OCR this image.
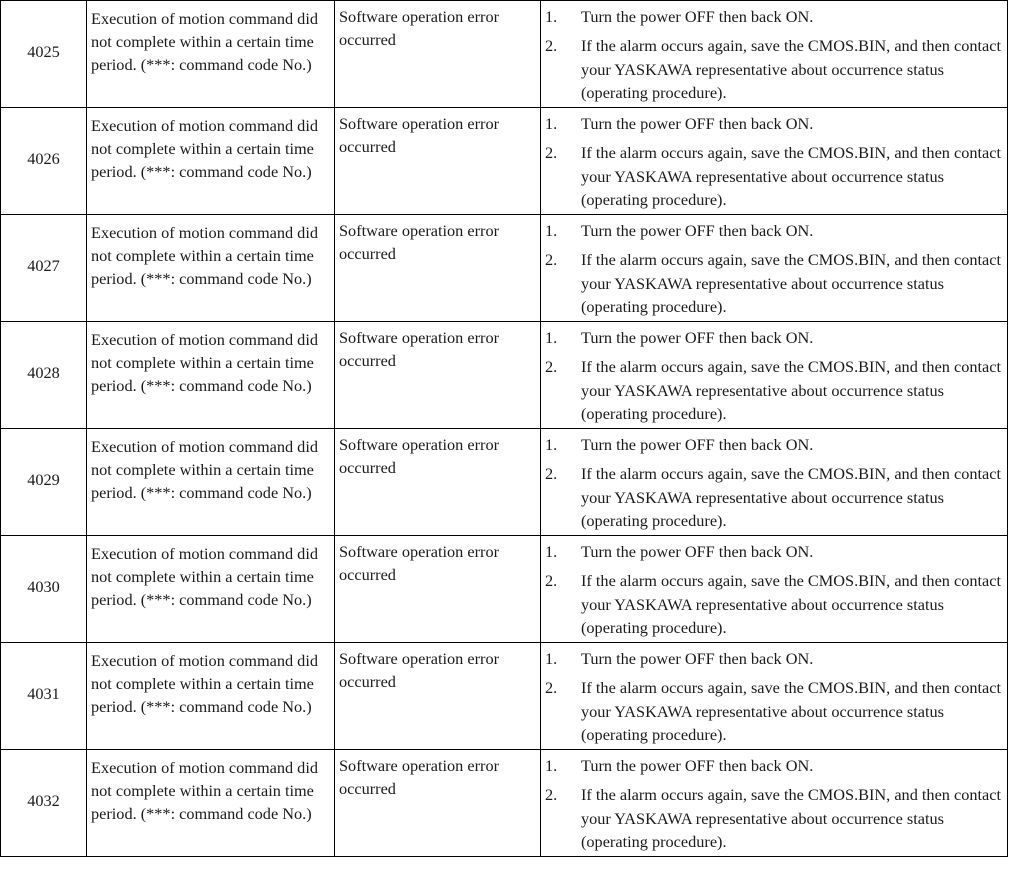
4025	Execution of motion command did not complete within a certain time period. (***: command code No.)	Software operation error occurred	1. Turn the power OFF then back ON.
2. If the alarm occurs again, save the CMOS.BIN, and then contact your YASKAWA representative about occurrence status (operating procedure).

4026	Execution of motion command did not complete within a certain time period. (***: command code No.)	Software operation error occurred	1. Turn the power OFF then back ON.
2. If the alarm occurs again, save the CMOS.BIN, and then contact your YASKAWA representative about occurrence status (operating procedure).

4027	Execution of motion command did not complete within a certain time period. (***: command code No.)	Software operation error occurred	1. Turn the power OFF then back ON.
2. If the alarm occurs again, save the CMOS.BIN, and then contact your YASKAWA representative about occurrence status (operating procedure).

4028	Execution of motion command did not complete within a certain time period. (***: command code No.)	Software operation error occurred	1. Turn the power OFF then back ON.
2. If the alarm occurs again, save the CMOS.BIN, and then contact your YASKAWA representative about occurrence status (operating procedure).

4029	Execution of motion command did not complete within a certain time period. (***: command code No.)	Software operation error occurred	1. Turn the power OFF then back ON.
2. If the alarm occurs again, save the CMOS.BIN, and then contact your YASKAWA representative about occurrence status (operating procedure).

4030	Execution of motion command did not complete within a certain time period. (***: command code No.)	Software operation error occurred	1. Turn the power OFF then back ON.
2. If the alarm occurs again, save the CMOS.BIN, and then contact your YASKAWA representative about occurrence status (operating procedure).

4031	Execution of motion command did not complete within a certain time period. (***: command code No.)	Software operation error occurred	1. Turn the power OFF then back ON.
2. If the alarm occurs again, save the CMOS.BIN, and then contact your YASKAWA representative about occurrence status (operating procedure).

4032	Execution of motion command did not complete within a certain time period. (***: command code No.)	Software operation error occurred	1. Turn the power OFF then back ON.
2. If the alarm occurs again, save the CMOS.BIN, and then contact your YASKAWA representative about occurrence status (operating procedure).
